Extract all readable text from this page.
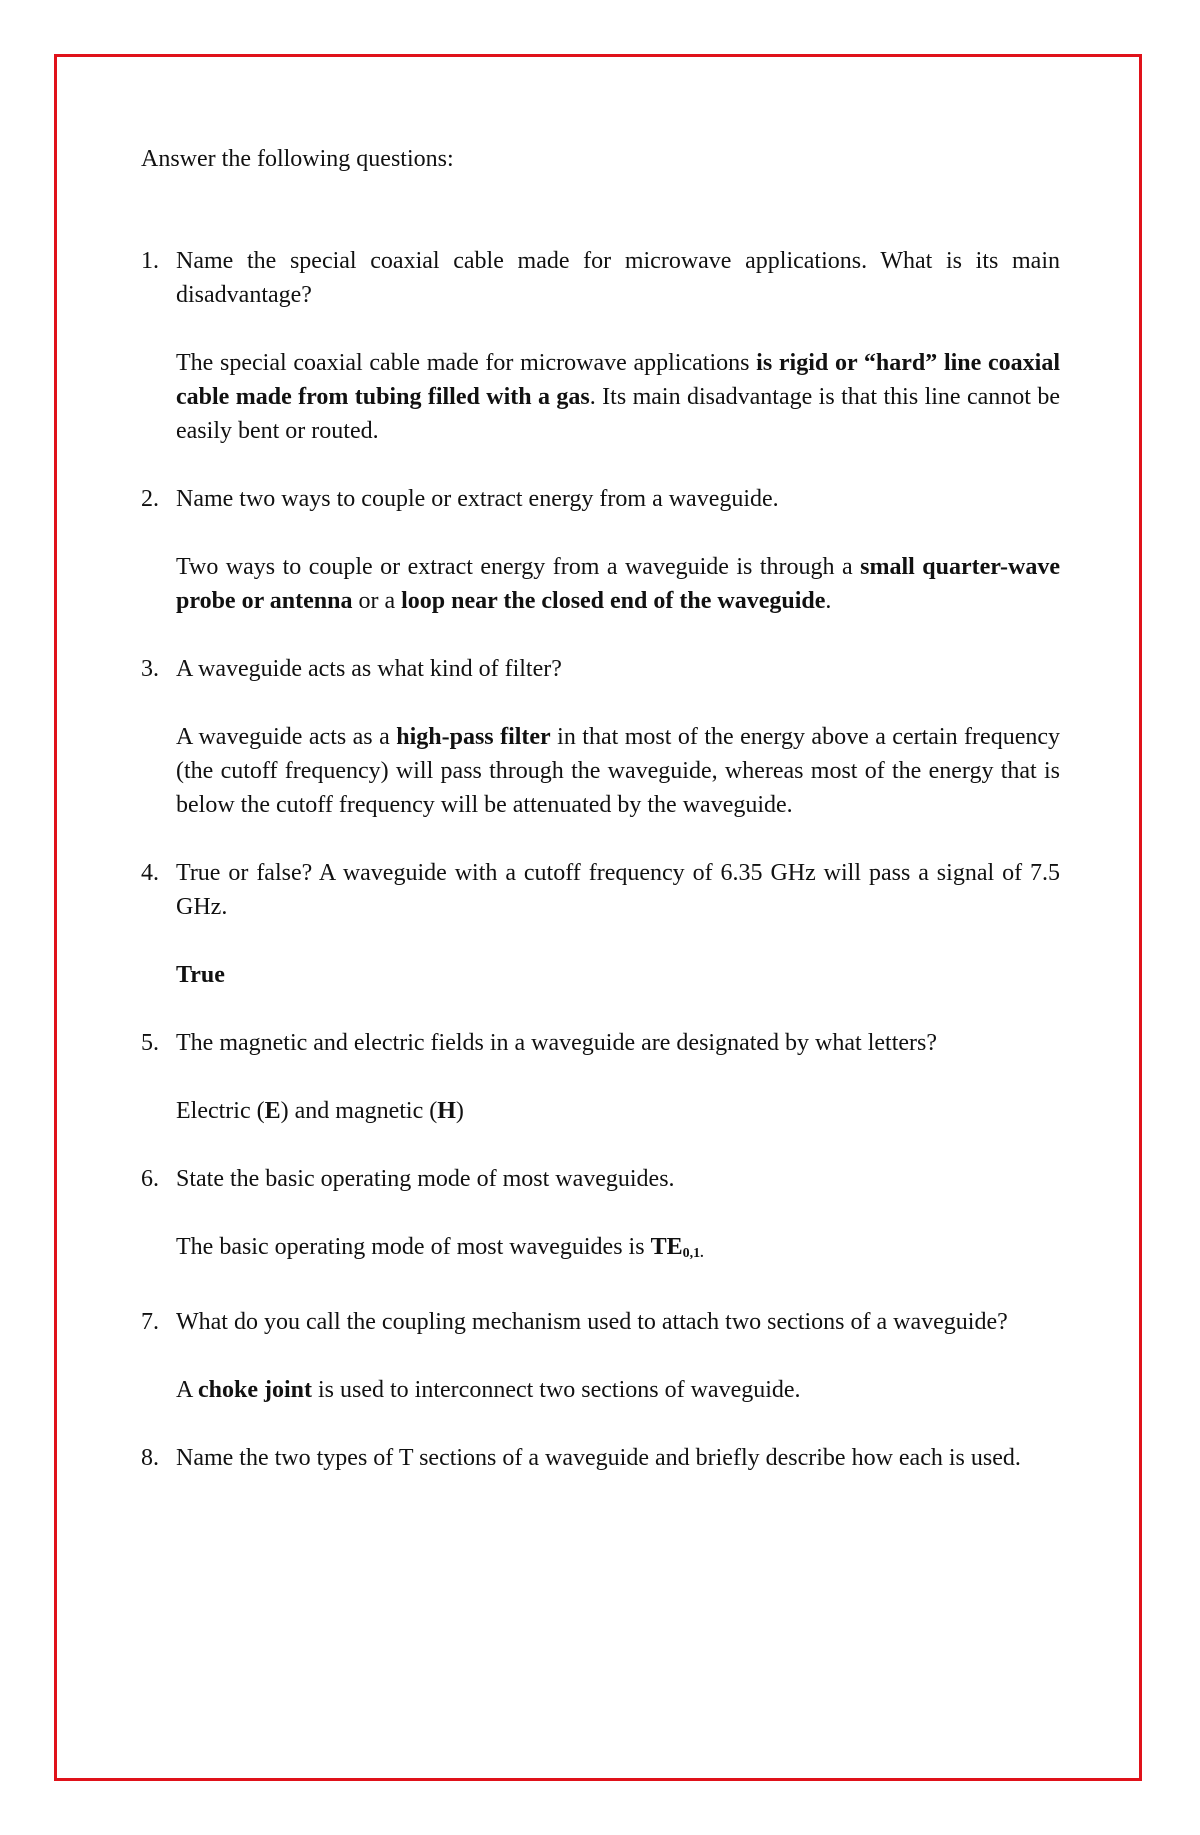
Answer the following questions:

1. Name the special coaxial cable made for microwave applications. What is its main disadvantage?

The special coaxial cable made for microwave applications is rigid or “hard” line coaxial cable made from tubing filled with a gas. Its main disadvantage is that this line cannot be easily bent or routed.

2. Name two ways to couple or extract energy from a waveguide.

Two ways to couple or extract energy from a waveguide is through a small quarter-wave probe or antenna or a loop near the closed end of the waveguide.

3. A waveguide acts as what kind of filter?

A waveguide acts as a high-pass filter in that most of the energy above a certain frequency (the cutoff frequency) will pass through the waveguide, whereas most of the energy that is below the cutoff frequency will be attenuated by the waveguide.

4. True or false? A waveguide with a cutoff frequency of 6.35 GHz will pass a signal of 7.5 GHz.

True

5. The magnetic and electric fields in a waveguide are designated by what letters?

Electric (E) and magnetic (H)

6. State the basic operating mode of most waveguides.

The basic operating mode of most waveguides is $TE_{0,1.}$

7. What do you call the coupling mechanism used to attach two sections of a waveguide?

A choke joint is used to interconnect two sections of waveguide.

8. Name the two types of T sections of a waveguide and briefly describe how each is used.
